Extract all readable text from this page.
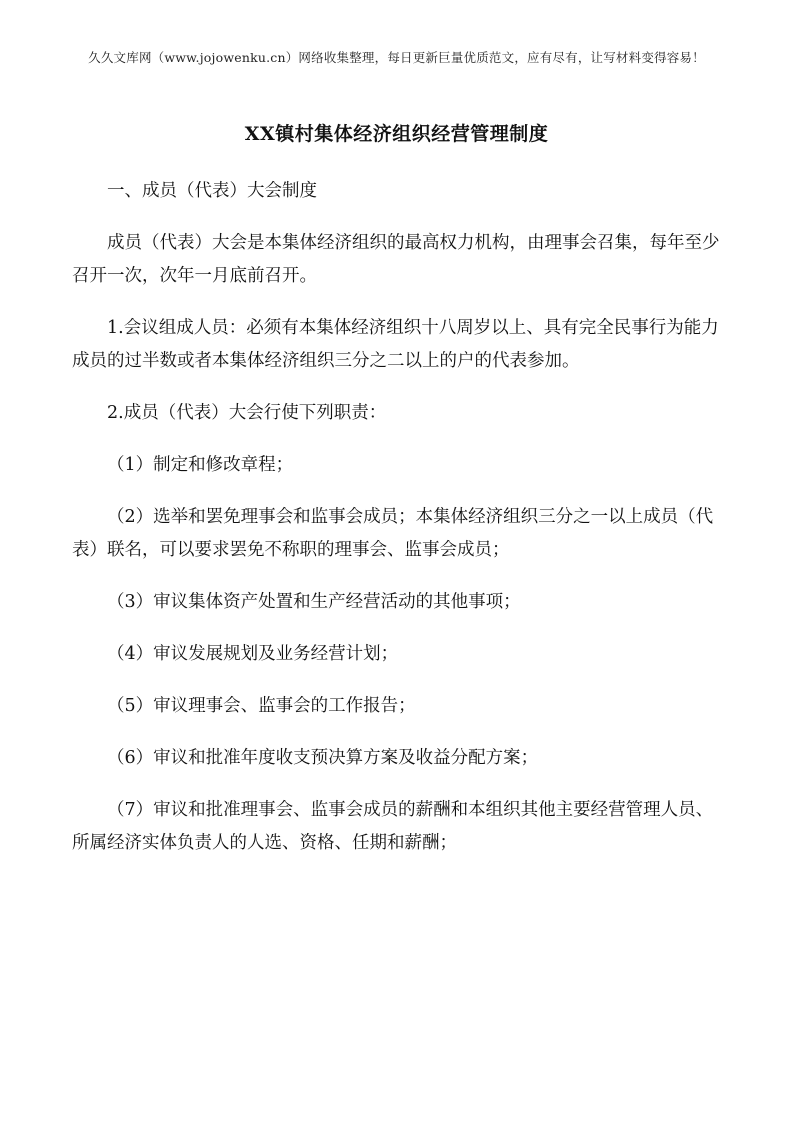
久久文库网（www.jojowenku.cn）网络收集整理，每日更新巨量优质范文，应有尽有，让写材料变得容易！
XX镇村集体经济组织经营管理制度

一、成员（代表）大会制度

成员（代表）大会是本集体经济组织的最高权力机构，由理事会召集，每年至少召开一次，次年一月底前召开。

1.会议组成人员：必须有本集体经济组织十八周岁以上、具有完全民事行为能力成员的过半数或者本集体经济组织三分之二以上的户的代表参加。

2.成员（代表）大会行使下列职责：

（1）制定和修改章程；

（2）选举和罢免理事会和监事会成员；本集体经济组织三分之一以上成员（代表）联名，可以要求罢免不称职的理事会、监事会成员；

（3）审议集体资产处置和生产经营活动的其他事项；

（4）审议发展规划及业务经营计划；

（5）审议理事会、监事会的工作报告；

（6）审议和批准年度收支预决算方案及收益分配方案；

（7）审议和批准理事会、监事会成员的薪酬和本组织其他主要经营管理人员、所属经济实体负责人的人选、资格、任期和薪酬；
